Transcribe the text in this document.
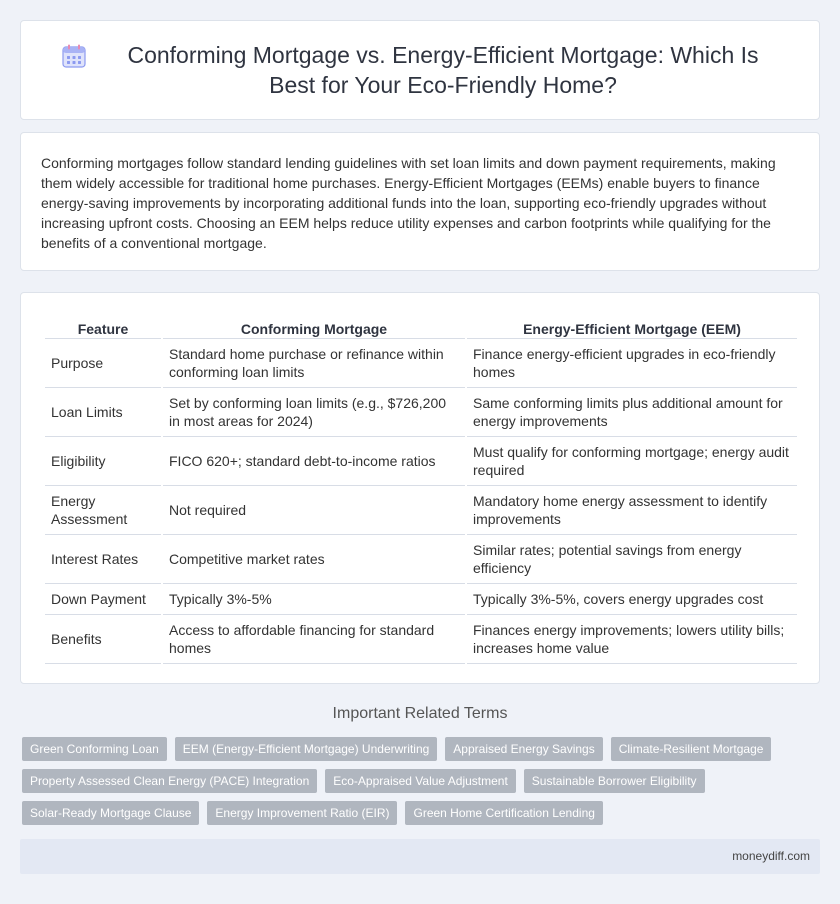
Conforming Mortgage vs. Energy-Efficient Mortgage: Which Is Best for Your Eco-Friendly Home?

Conforming mortgages follow standard lending guidelines with set loan limits and down payment requirements, making them widely accessible for traditional home purchases. Energy-Efficient Mortgages (EEMs) enable buyers to finance energy-saving improvements by incorporating additional funds into the loan, supporting eco-friendly upgrades without increasing upfront costs. Choosing an EEM helps reduce utility expenses and carbon footprints while qualifying for the benefits of a conventional mortgage.

Feature	Conforming Mortgage	Energy-Efficient Mortgage (EEM)
Purpose	Standard home purchase or refinance within conforming loan limits	Finance energy-efficient upgrades in eco-friendly homes
Loan Limits	Set by conforming loan limits (e.g., $726,200 in most areas for 2024)	Same conforming limits plus additional amount for energy improvements
Eligibility	FICO 620+; standard debt-to-income ratios	Must qualify for conforming mortgage; energy audit required
Energy Assessment	Not required	Mandatory home energy assessment to identify improvements
Interest Rates	Competitive market rates	Similar rates; potential savings from energy efficiency
Down Payment	Typically 3%-5%	Typically 3%-5%, covers energy upgrades cost
Benefits	Access to affordable financing for standard homes	Finances energy improvements; lowers utility bills; increases home value
Important Related Terms
Green Conforming Loan	EEM (Energy-Efficient Mortgage) Underwriting	Appraised Energy Savings	Climate-Resilient Mortgage
Property Assessed Clean Energy (PACE) Integration	Eco-Appraised Value Adjustment	Sustainable Borrower Eligibility
Solar-Ready Mortgage Clause	Energy Improvement Ratio (EIR)	Green Home Certification Lending
moneydiff.com
